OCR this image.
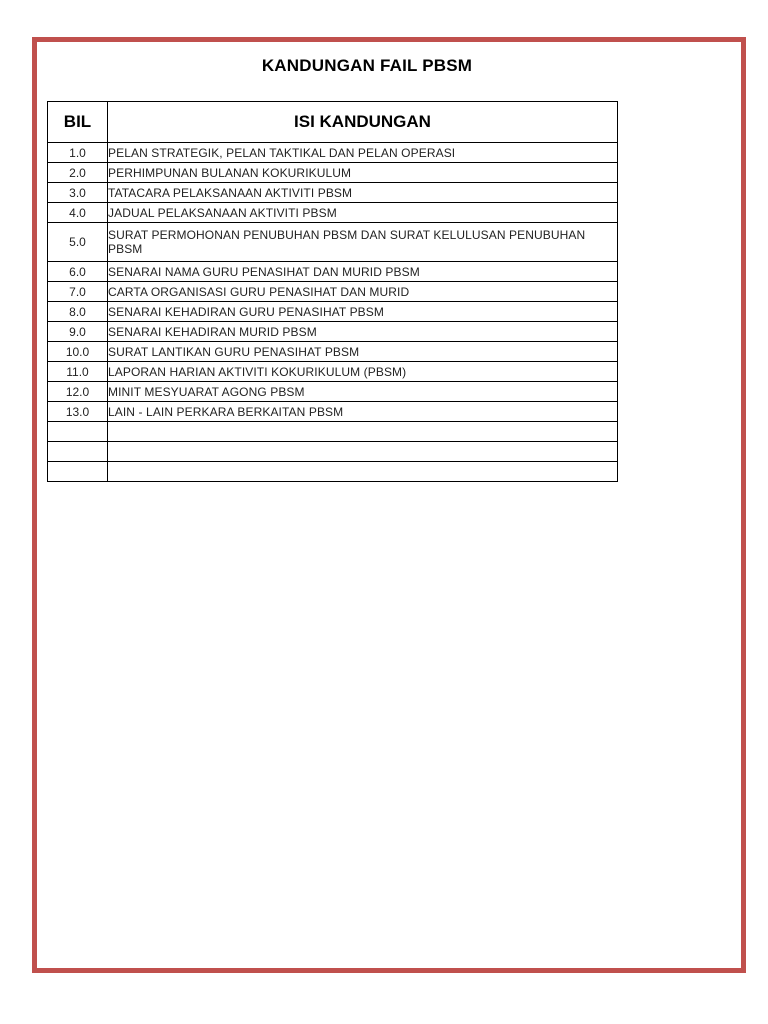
KANDUNGAN FAIL PBSM
BIL	ISI KANDUNGAN
1.0	PELAN STRATEGIK, PELAN TAKTIKAL DAN PELAN OPERASI
2.0	PERHIMPUNAN BULANAN KOKURIKULUM
3.0	TATACARA PELAKSANAAN AKTIVITI PBSM
4.0	JADUAL PELAKSANAAN AKTIVITI PBSM
5.0	SURAT PERMOHONAN PENUBUHAN PBSM DAN SURAT KELULUSAN PENUBUHAN PBSM
6.0	SENARAI NAMA GURU PENASIHAT DAN MURID PBSM
7.0	CARTA ORGANISASI GURU PENASIHAT DAN MURID
8.0	SENARAI KEHADIRAN GURU PENASIHAT PBSM
9.0	SENARAI KEHADIRAN MURID PBSM
10.0	SURAT LANTIKAN GURU PENASIHAT PBSM
11.0	LAPORAN HARIAN AKTIVITI KOKURIKULUM (PBSM)
12.0	MINIT MESYUARAT AGONG PBSM
13.0	LAIN - LAIN PERKARA BERKAITAN PBSM
